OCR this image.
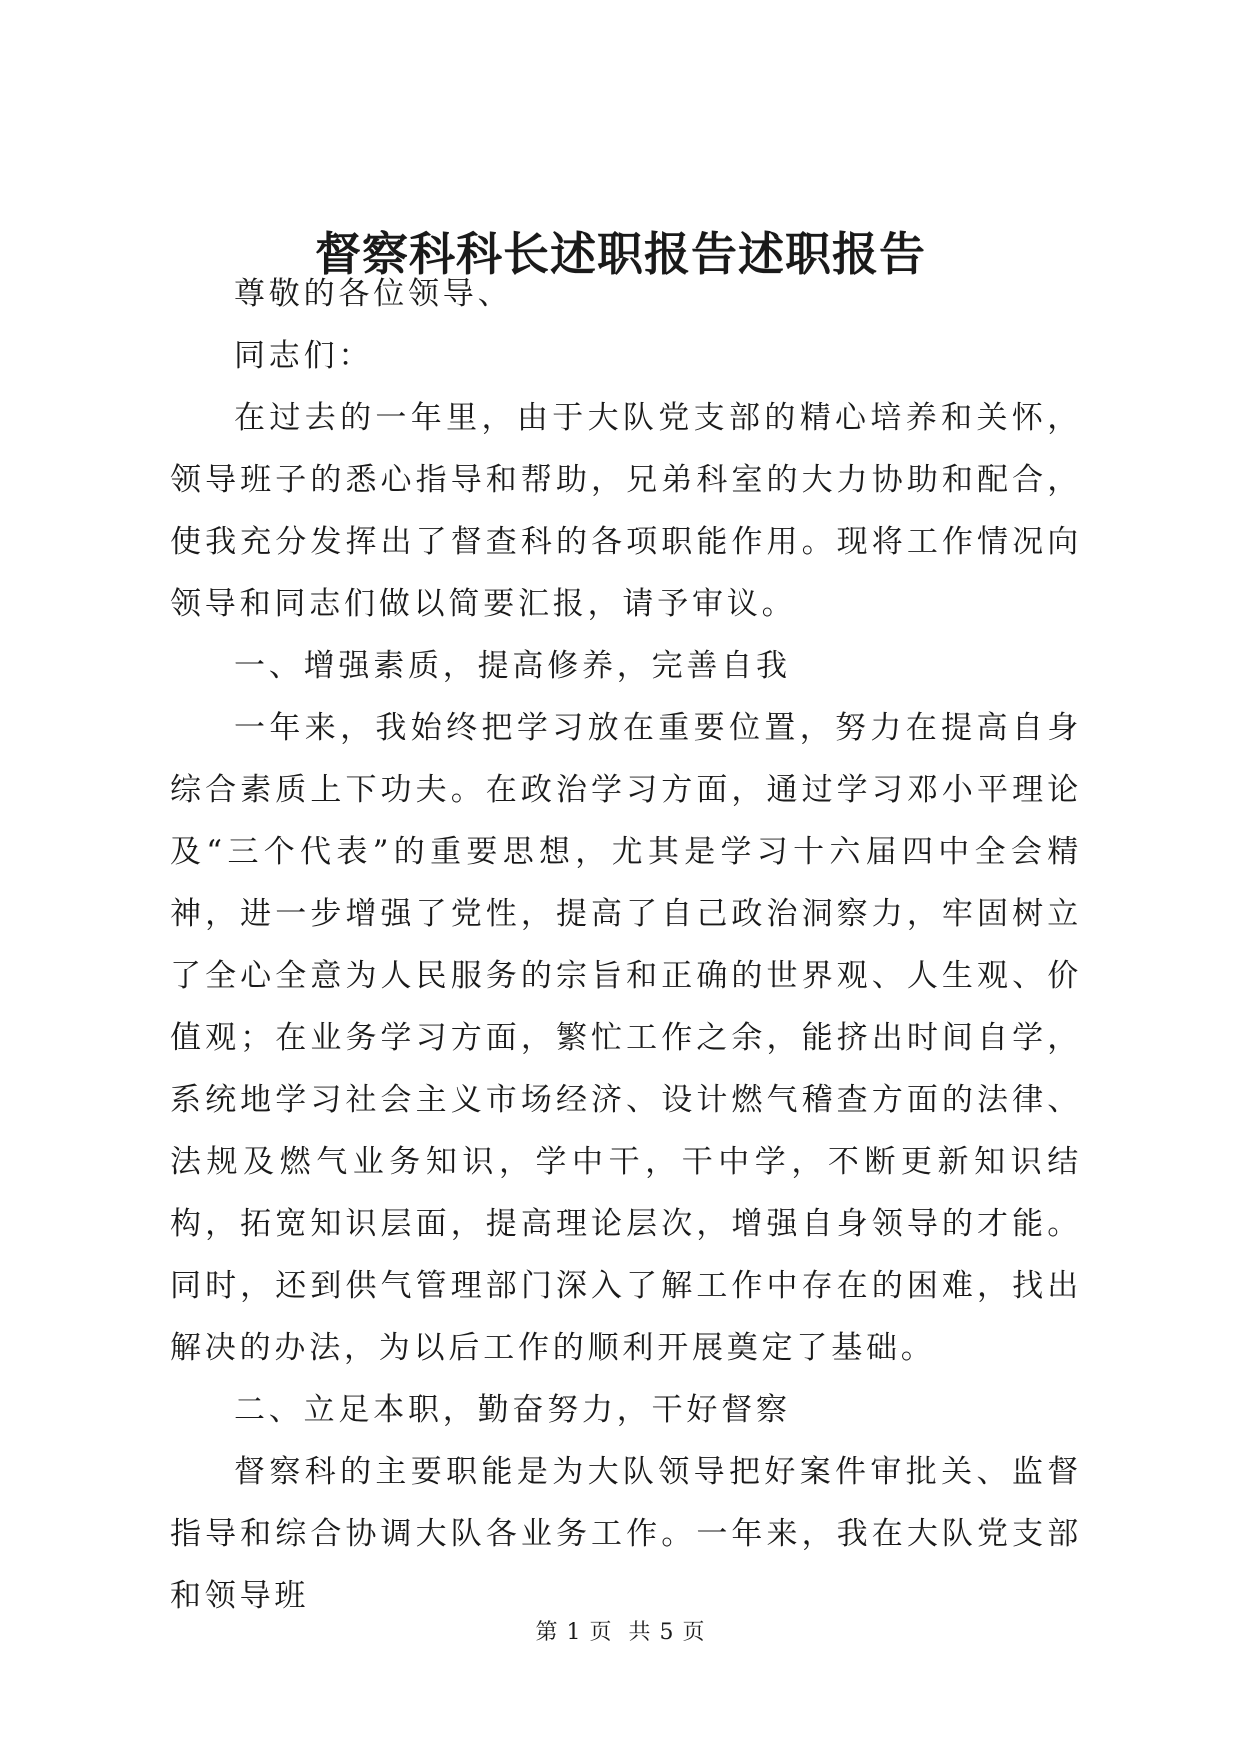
督察科科长述职报告述职报告

尊敬的各位领导、

同志们：

在过去的一年里，由于大队党支部的精心培养和关怀，领导班子的悉心指导和帮助，兄弟科室的大力协助和配合，使我充分发挥出了督查科的各项职能作用。现将工作情况向领导和同志们做以简要汇报，请予审议。

一、增强素质，提高修养，完善自我

一年来，我始终把学习放在重要位置，努力在提高自身综合素质上下功夫。在政治学习方面，通过学习邓小平理论及“三个代表”的重要思想，尤其是学习十六届四中全会精神，进一步增强了党性，提高了自己政治洞察力，牢固树立了全心全意为人民服务的宗旨和正确的世界观、人生观、价值观；在业务学习方面，繁忙工作之余，能挤出时间自学，系统地学习社会主义市场经济、设计燃气稽查方面的法律、法规及燃气业务知识，学中干，干中学，不断更新知识结构，拓宽知识层面，提高理论层次，增强自身领导的才能。同时，还到供气管理部门深入了解工作中存在的困难，找出解决的办法，为以后工作的顺利开展奠定了基础。

二、立足本职，勤奋努力，干好督察

督察科的主要职能是为大队领导把好案件审批关、监督指导和综合协调大队各业务工作。一年来，我在大队党支部和领导班

第 1 页  共 5 页
